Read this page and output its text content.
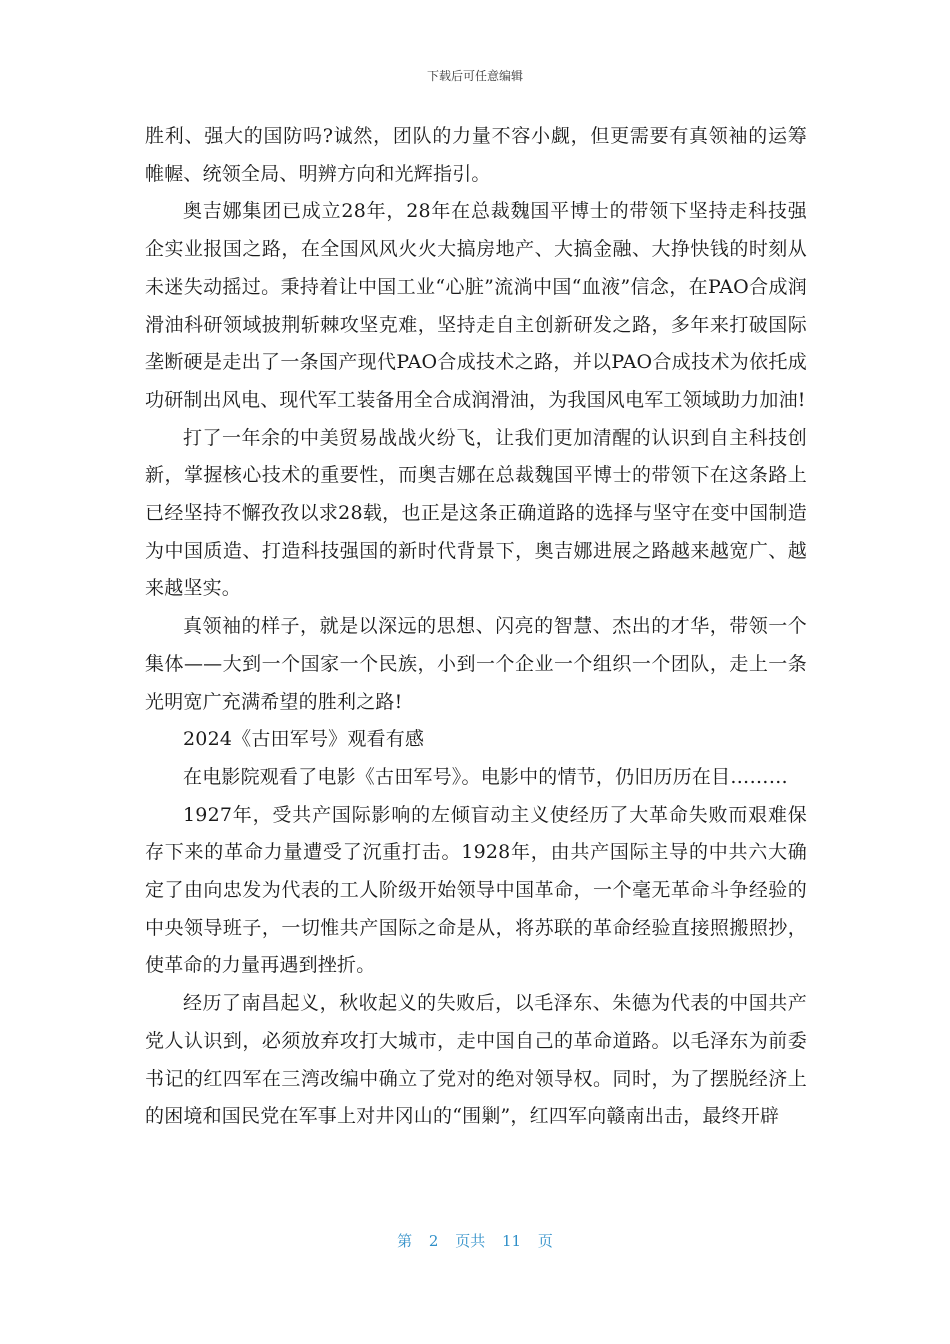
下载后可任意编辑

胜利、强大的国防吗?诚然，团队的力量不容小觑，但更需要有真领袖的运筹帷幄、统领全局、明辨方向和光辉指引。

奥吉娜集团已成立28年，28年在总裁魏国平博士的带领下坚持走科技强企实业报国之路，在全国风风火火大搞房地产、大搞金融、大挣快钱的时刻从未迷失动摇过。秉持着让中国工业“心脏”流淌中国“血液”信念，在PAO合成润滑油科研领域披荆斩棘攻坚克难，坚持走自主创新研发之路，多年来打破国际垄断硬是走出了一条国产现代PAO合成技术之路，并以PAO合成技术为依托成功研制出风电、现代军工装备用全合成润滑油，为我国风电军工领域助力加油!

打了一年余的中美贸易战战火纷飞，让我们更加清醒的认识到自主科技创新，掌握核心技术的重要性，而奥吉娜在总裁魏国平博士的带领下在这条路上已经坚持不懈孜孜以求28载，也正是这条正确道路的选择与坚守在变中国制造为中国质造、打造科技强国的新时代背景下，奥吉娜进展之路越来越宽广、越来越坚实。

真领袖的样子，就是以深远的思想、闪亮的智慧、杰出的才华，带领一个集体——大到一个国家一个民族，小到一个企业一个组织一个团队，走上一条光明宽广充满希望的胜利之路!

2024《古田军号》观看有感

在电影院观看了电影《古田军号》。电影中的情节，仍旧历历在目………

1927年，受共产国际影响的左倾盲动主义使经历了大革命失败而艰难保存下来的革命力量遭受了沉重打击。1928年，由共产国际主导的中共六大确定了由向忠发为代表的工人阶级开始领导中国革命，一个毫无革命斗争经验的中央领导班子，一切惟共产国际之命是从，将苏联的革命经验直接照搬照抄，使革命的力量再遇到挫折。

经历了南昌起义，秋收起义的失败后，以毛泽东、朱德为代表的中国共产党人认识到，必须放弃攻打大城市，走中国自己的革命道路。以毛泽东为前委书记的红四军在三湾改编中确立了党对的绝对领导权。同时，为了摆脱经济上的困境和国民党在军事上对井冈山的“围剿”，红四军向赣南出击，最终开辟

第 2 页共 11 页
